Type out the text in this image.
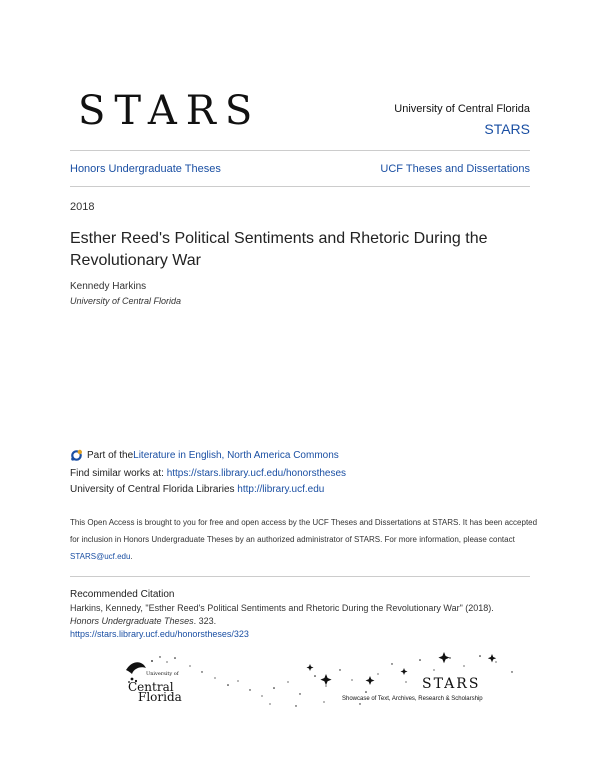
STARS	University of Central Florida
STARS
Honors Undergraduate Theses	UCF Theses and Dissertations
2018
Esther Reed's Political Sentiments and Rhetoric During the Revolutionary War
Kennedy Harkins
University of Central Florida
Part of the Literature in English, North America Commons
Find similar works at: https://stars.library.ucf.edu/honorstheses
University of Central Florida Libraries http://library.ucf.edu
This Open Access is brought to you for free and open access by the UCF Theses and Dissertations at STARS. It has been accepted for inclusion in Honors Undergraduate Theses by an authorized administrator of STARS. For more information, please contact STARS@ucf.edu.
Recommended Citation
Harkins, Kennedy, "Esther Reed's Political Sentiments and Rhetoric During the Revolutionary War" (2018).
Honors Undergraduate Theses. 323.
https://stars.library.ucf.edu/honorstheses/323
University of
Central
Florida
STARS
Showcase of Text, Archives, Research & Scholarship
